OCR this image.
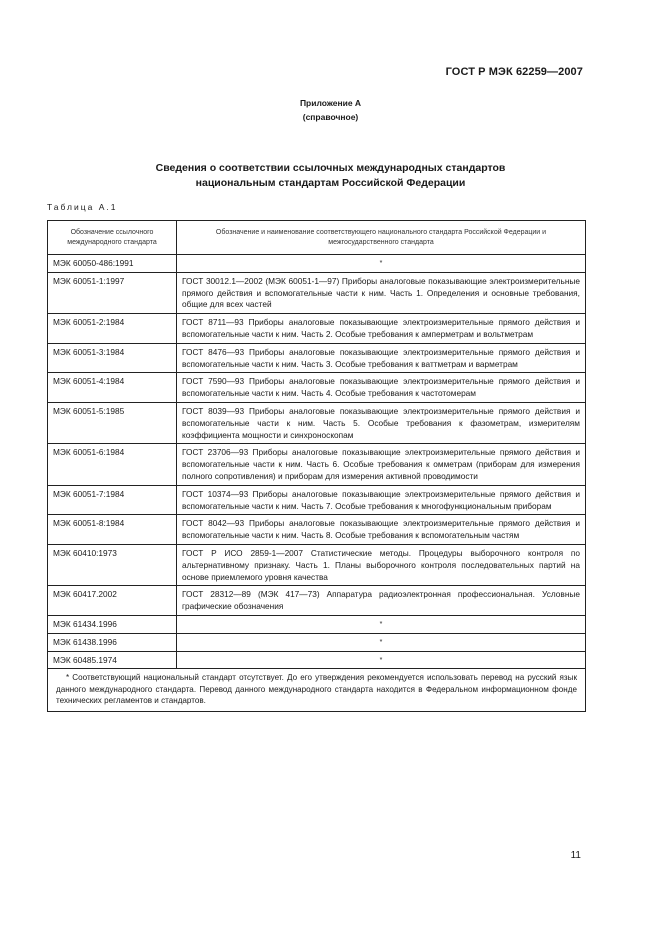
ГОСТ Р МЭК 62259—2007
Приложение А
(справочное)
Сведения о соответствии ссылочных международных стандартов
национальным стандартам Российской Федерации
Таблица А.1
Обозначение ссылочного международного стандарта	Обозначение и наименование соответствующего национального стандарта Российской Федерации и межгосударственного стандарта
МЭК 60050-486:1991	*
МЭК 60051-1:1997	ГОСТ 30012.1—2002 (МЭК 60051-1—97) Приборы аналоговые показывающие электроизмерительные прямого действия и вспомогательные части к ним. Часть 1. Определения и основные требования, общие для всех частей
МЭК 60051-2:1984	ГОСТ 8711—93 Приборы аналоговые показывающие электроизмерительные прямого действия и вспомогательные части к ним. Часть 2. Особые требования к амперметрам и вольтметрам
МЭК 60051-3:1984	ГОСТ 8476—93 Приборы аналоговые показывающие электроизмерительные прямого действия и вспомогательные части к ним. Часть 3. Особые требования к ваттметрам и варметрам
МЭК 60051-4:1984	ГОСТ 7590—93 Приборы аналоговые показывающие электроизмерительные прямого действия и вспомогательные части к ним. Часть 4. Особые требования к частотомерам
МЭК 60051-5:1985	ГОСТ 8039—93 Приборы аналоговые показывающие электроизмерительные прямого действия и вспомогательные части к ним. Часть 5. Особые требования к фазометрам, измерителям коэффициента мощности и синхроноскопам
МЭК 60051-6:1984	ГОСТ 23706—93 Приборы аналоговые показывающие электроизмерительные прямого действия и вспомогательные части к ним. Часть 6. Особые требования к омметрам (приборам для измерения полного сопротивления) и приборам для измерения активной проводимости
МЭК 60051-7:1984	ГОСТ 10374—93 Приборы аналоговые показывающие электроизмерительные прямого действия и вспомогательные части к ним. Часть 7. Особые требования к многофункциональным приборам
МЭК 60051-8:1984	ГОСТ 8042—93 Приборы аналоговые показывающие электроизмерительные прямого действия и вспомогательные части к ним. Часть 8. Особые требования к вспомогательным частям
МЭК 60410:1973	ГОСТ Р ИСО 2859-1—2007 Статистические методы. Процедуры выборочного контроля по альтернативному признаку. Часть 1. Планы выборочного контроля последовательных партий на основе приемлемого уровня качества
МЭК 60417.2002	ГОСТ 28312—89 (МЭК 417—73) Аппаратура радиоэлектронная профессиональная. Условные графические обозначения
МЭК 61434.1996	*
МЭК 61438.1996	*
МЭК 60485.1974	*
* Соответствующий национальный стандарт отсутствует. До его утверждения рекомендуется использовать перевод на русский язык данного международного стандарта. Перевод данного международного стандарта находится в Федеральном информационном фонде технических регламентов и стандартов.	
11
